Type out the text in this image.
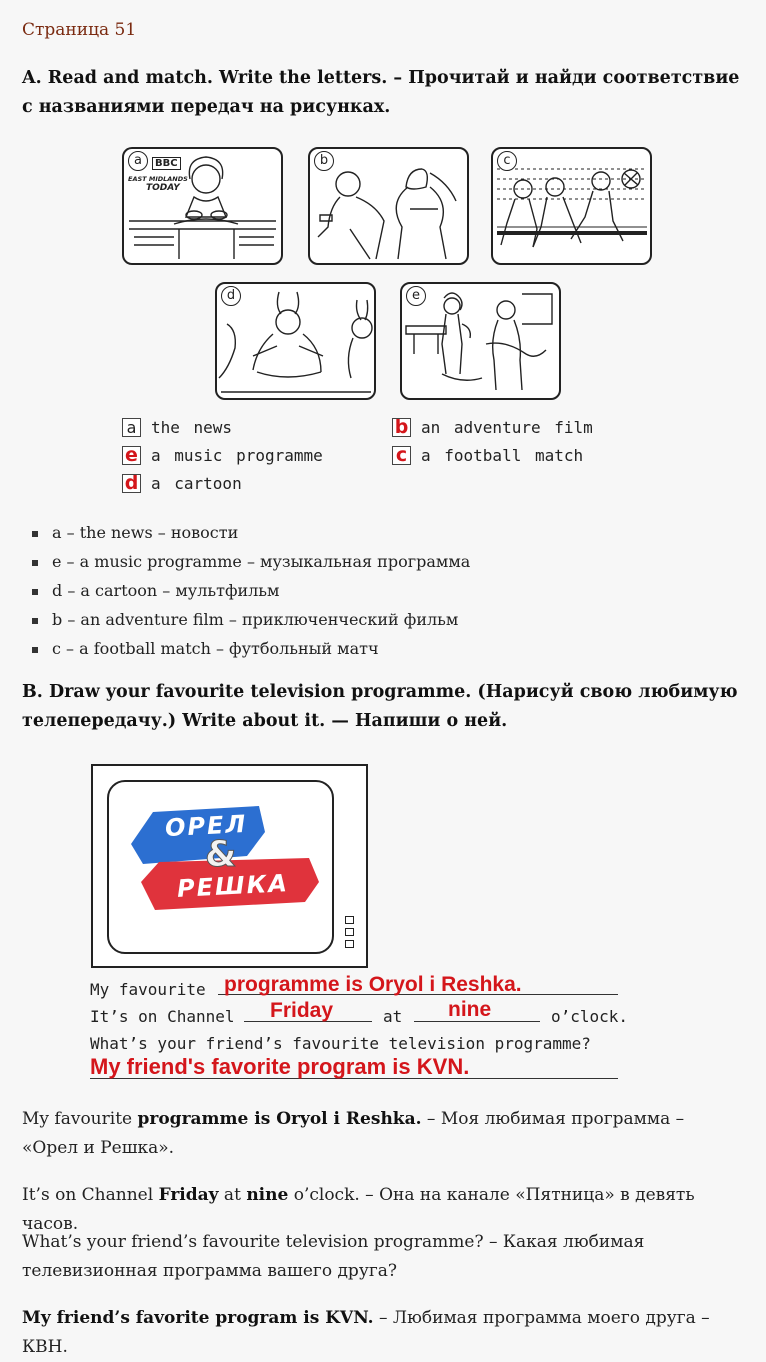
Страница 51
A. Read and match. Write the letters. – Прочитай и найди соответствие с названиями передач на рисунках.
a	BBC
EAST MIDLANDS
TODAY
b	c
d	e
a the news	b an adventure film
e a music programme	c a football match
d a cartoon
a – the news – новости
e – a music programme – музыкальная программа
d – a cartoon – мультфильм
b – an adventure film – приключенческий фильм
c – a football match – футбольный матч
B. Draw your favourite television programme. (Нарисуй свою любимую телепередачу.) Write about it. — Напиши о ней.
ОРЕЛ
&
РЕШКА
My favourite programme is Oryol i Reshka.
It’s on Channel Friday	at nine	o’clock.
What’s your friend’s favourite television programme?
My friend's favorite program is KVN.
My favourite programme is Oryol i Reshka. – Моя любимая программа – «Орел и Решка».
It’s on Channel Friday at nine o’clock. – Она на канале «Пятница» в девять часов.
What’s your friend’s favourite television programme? – Какая любимая телевизионная программа вашего друга?
My friend’s favorite program is KVN. – Любимая программа моего друга – КВН.
